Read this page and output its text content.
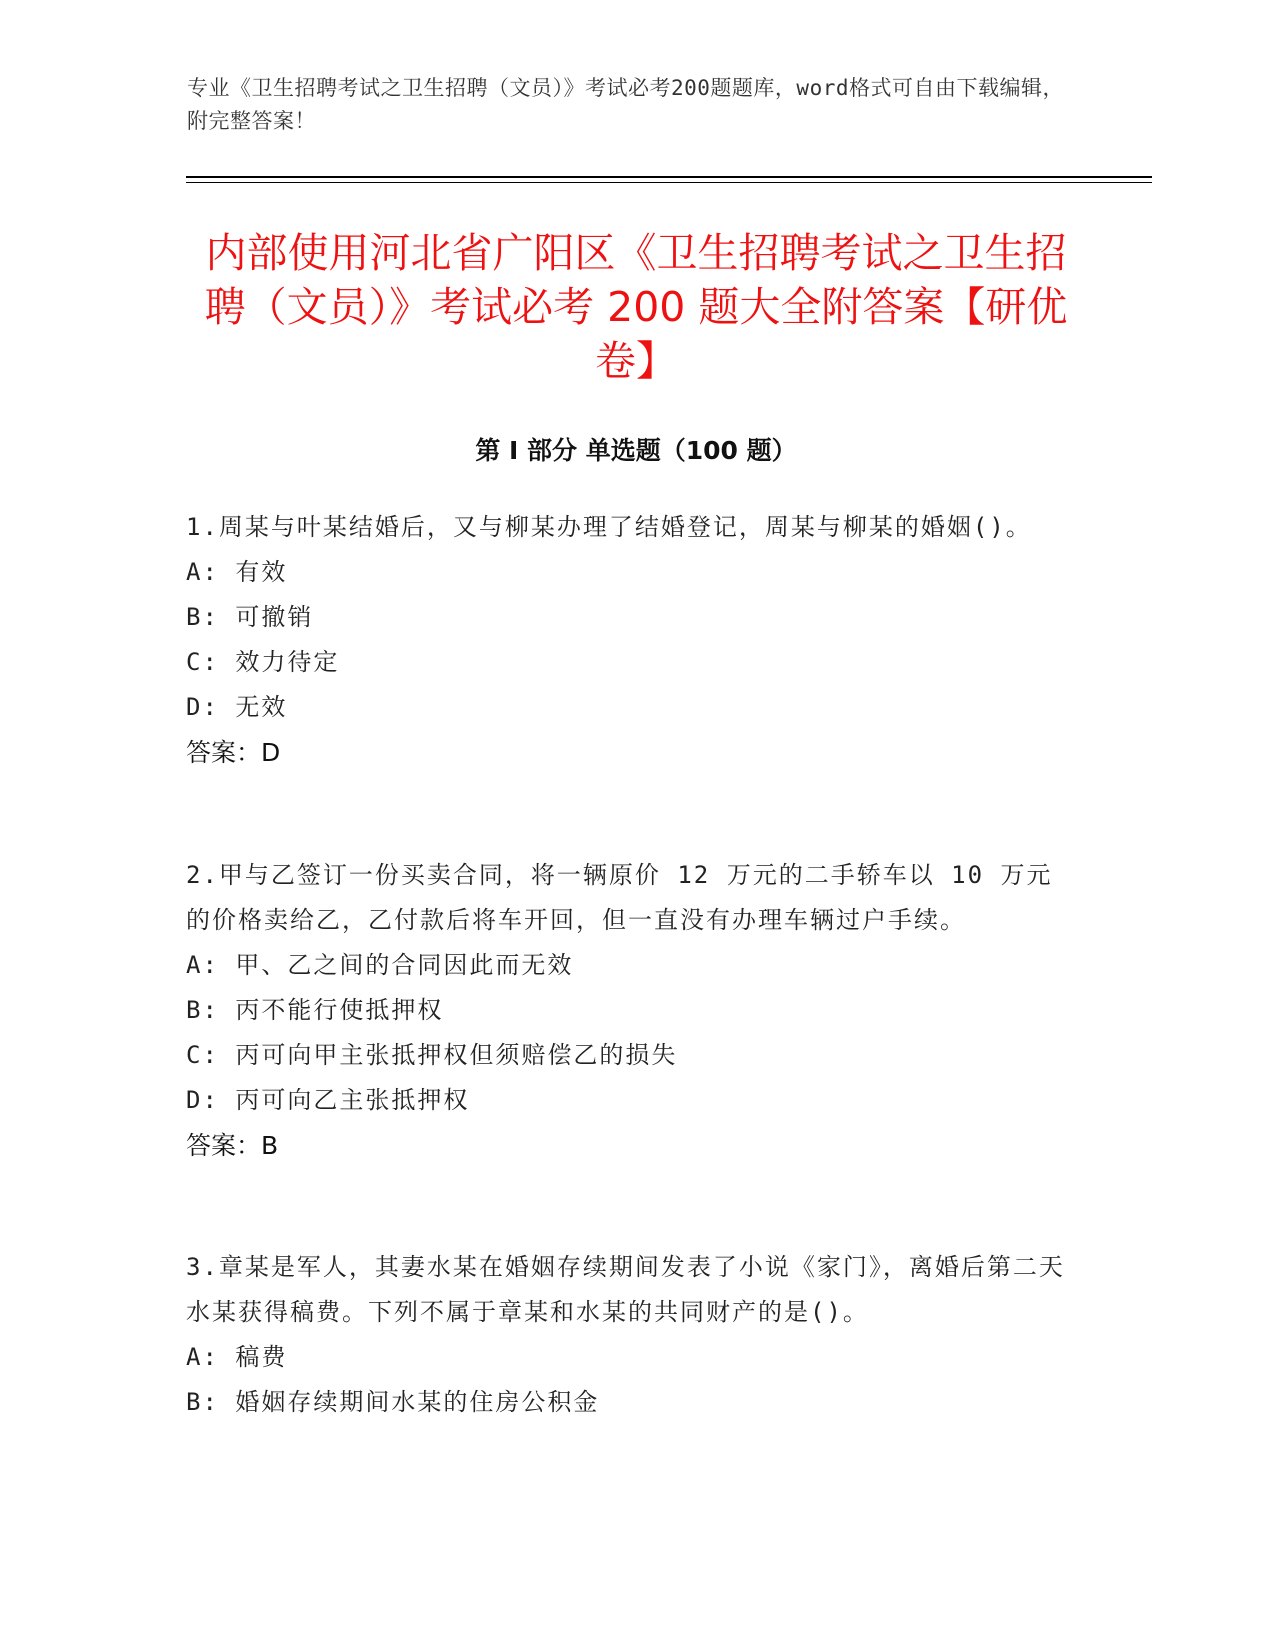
专业《卫生招聘考试之卫生招聘（文员）》考试必考200题题库，word格式可自由下载编辑，附完整答案！
内部使用河北省广阳区《卫生招聘考试之卫生招聘（文员）》考试必考 200 题大全附答案【研优卷】
第 I 部分 单选题（100 题）

1.周某与叶某结婚后，又与柳某办理了结婚登记，周某与柳某的婚姻()。

A: 有效

B: 可撤销

C: 效力待定

D: 无效

答案：D

2.甲与乙签订一份买卖合同，将一辆原价 12 万元的二手轿车以 10 万元的价格卖给乙，乙付款后将车开回，但一直没有办理车辆过户手续。

A: 甲、乙之间的合同因此而无效

B: 丙不能行使抵押权

C: 丙可向甲主张抵押权但须赔偿乙的损失

D: 丙可向乙主张抵押权

答案：B

3.章某是军人，其妻水某在婚姻存续期间发表了小说《家门》，离婚后第二天水某获得稿费。下列不属于章某和水某的共同财产的是()。

A: 稿费

B: 婚姻存续期间水某的住房公积金
